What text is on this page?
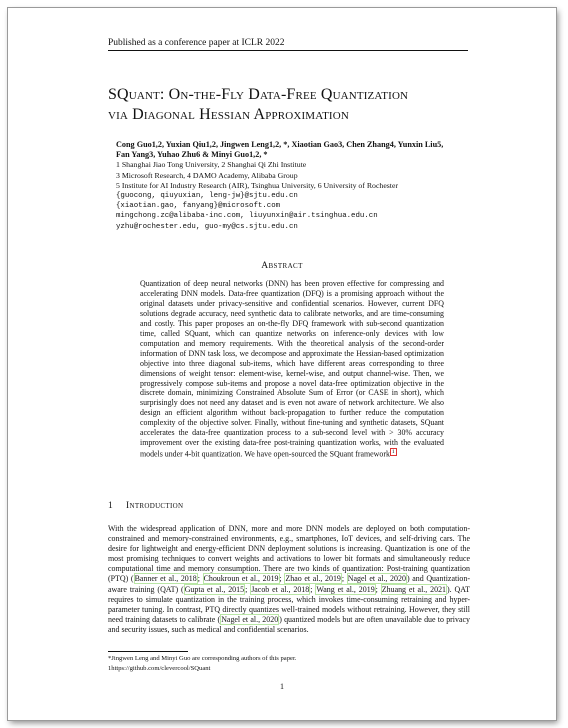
Published as a conference paper at ICLR 2022
SQuant: On-the-Fly Data-Free Quantization
via Diagonal Hessian Approximation
Cong Guo1,2, Yuxian Qiu1,2, Jingwen Leng1,2, *, Xiaotian Gao3, Chen Zhang4, Yunxin Liu5,
Fan Yang3, Yuhao Zhu6 & Minyi Guo1,2, *
1 Shanghai Jiao Tong University, 2 Shanghai Qi Zhi Institute
3 Microsoft Research, 4 DAMO Academy, Alibaba Group
5 Institute for AI Industry Research (AIR), Tsinghua University, 6 University of Rochester
{guocong, qiuyuxian, leng-jw}@sjtu.edu.cn
{xiaotian.gao, fanyang}@microsoft.com
mingchong.zc@alibaba-inc.com, liuyunxin@air.tsinghua.edu.cn
yzhu@rochester.edu, guo-my@cs.sjtu.edu.cn
Abstract
Quantization of deep neural networks (DNN) has been proven effective for compressing and accelerating DNN models. Data-free quantization (DFQ) is a promising approach without the original datasets under privacy-sensitive and confidential scenarios. However, current DFQ solutions degrade accuracy, need synthetic data to calibrate networks, and are time-consuming and costly. This paper proposes an on-the-fly DFQ framework with sub-second quantization time, called SQuant, which can quantize networks on inference-only devices with low computation and memory requirements. With the theoretical analysis of the second-order information of DNN task loss, we decompose and approximate the Hessian-based optimization objective into three diagonal sub-items, which have different areas corresponding to three dimensions of weight tensor: element-wise, kernel-wise, and output channel-wise. Then, we progressively compose sub-items and propose a novel data-free optimization objective in the discrete domain, minimizing Constrained Absolute Sum of Error (or CASE in short), which surprisingly does not need any dataset and is even not aware of network architecture. We also design an efficient algorithm without back-propagation to further reduce the computation complexity of the objective solver. Finally, without fine-tuning and synthetic datasets, SQuant accelerates the data-free quantization process to a sub-second level with > 30% accuracy improvement over the existing data-free post-training quantization works, with the evaluated models under 4-bit quantization. We have open-sourced the SQuant framework $^1$
1 Introduction
With the widespread application of DNN, more and more DNN models are deployed on both computation-constrained and memory-constrained environments, e.g., smartphones, IoT devices, and self-driving cars. The desire for lightweight and energy-efficient DNN deployment solutions is increasing. Quantization is one of the most promising techniques to convert weights and activations to lower bit formats and simultaneously reduce computational time and memory consumption. There are two kinds of quantization: Post-training quantization (PTQ) (Banner et al., 2018; Choukroun et al., 2019; Zhao et al., 2019; Nagel et al., 2020) and Quantization-aware training (QAT) (Gupta et al., 2015; Jacob et al., 2018; Wang et al., 2019; Zhuang et al., 2021). QAT requires to simulate quantization in the training process, which invokes time-consuming retraining and hyper-parameter tuning. In contrast, PTQ directly quantizes well-trained models without retraining. However, they still need training datasets to calibrate (Nagel et al., 2020) quantized models but are often unavailable due to privacy and security issues, such as medical and confidential scenarios.
*Jingwen Leng and Minyi Guo are corresponding authors of this paper.
1https://github.com/clevercool/SQuant
1
